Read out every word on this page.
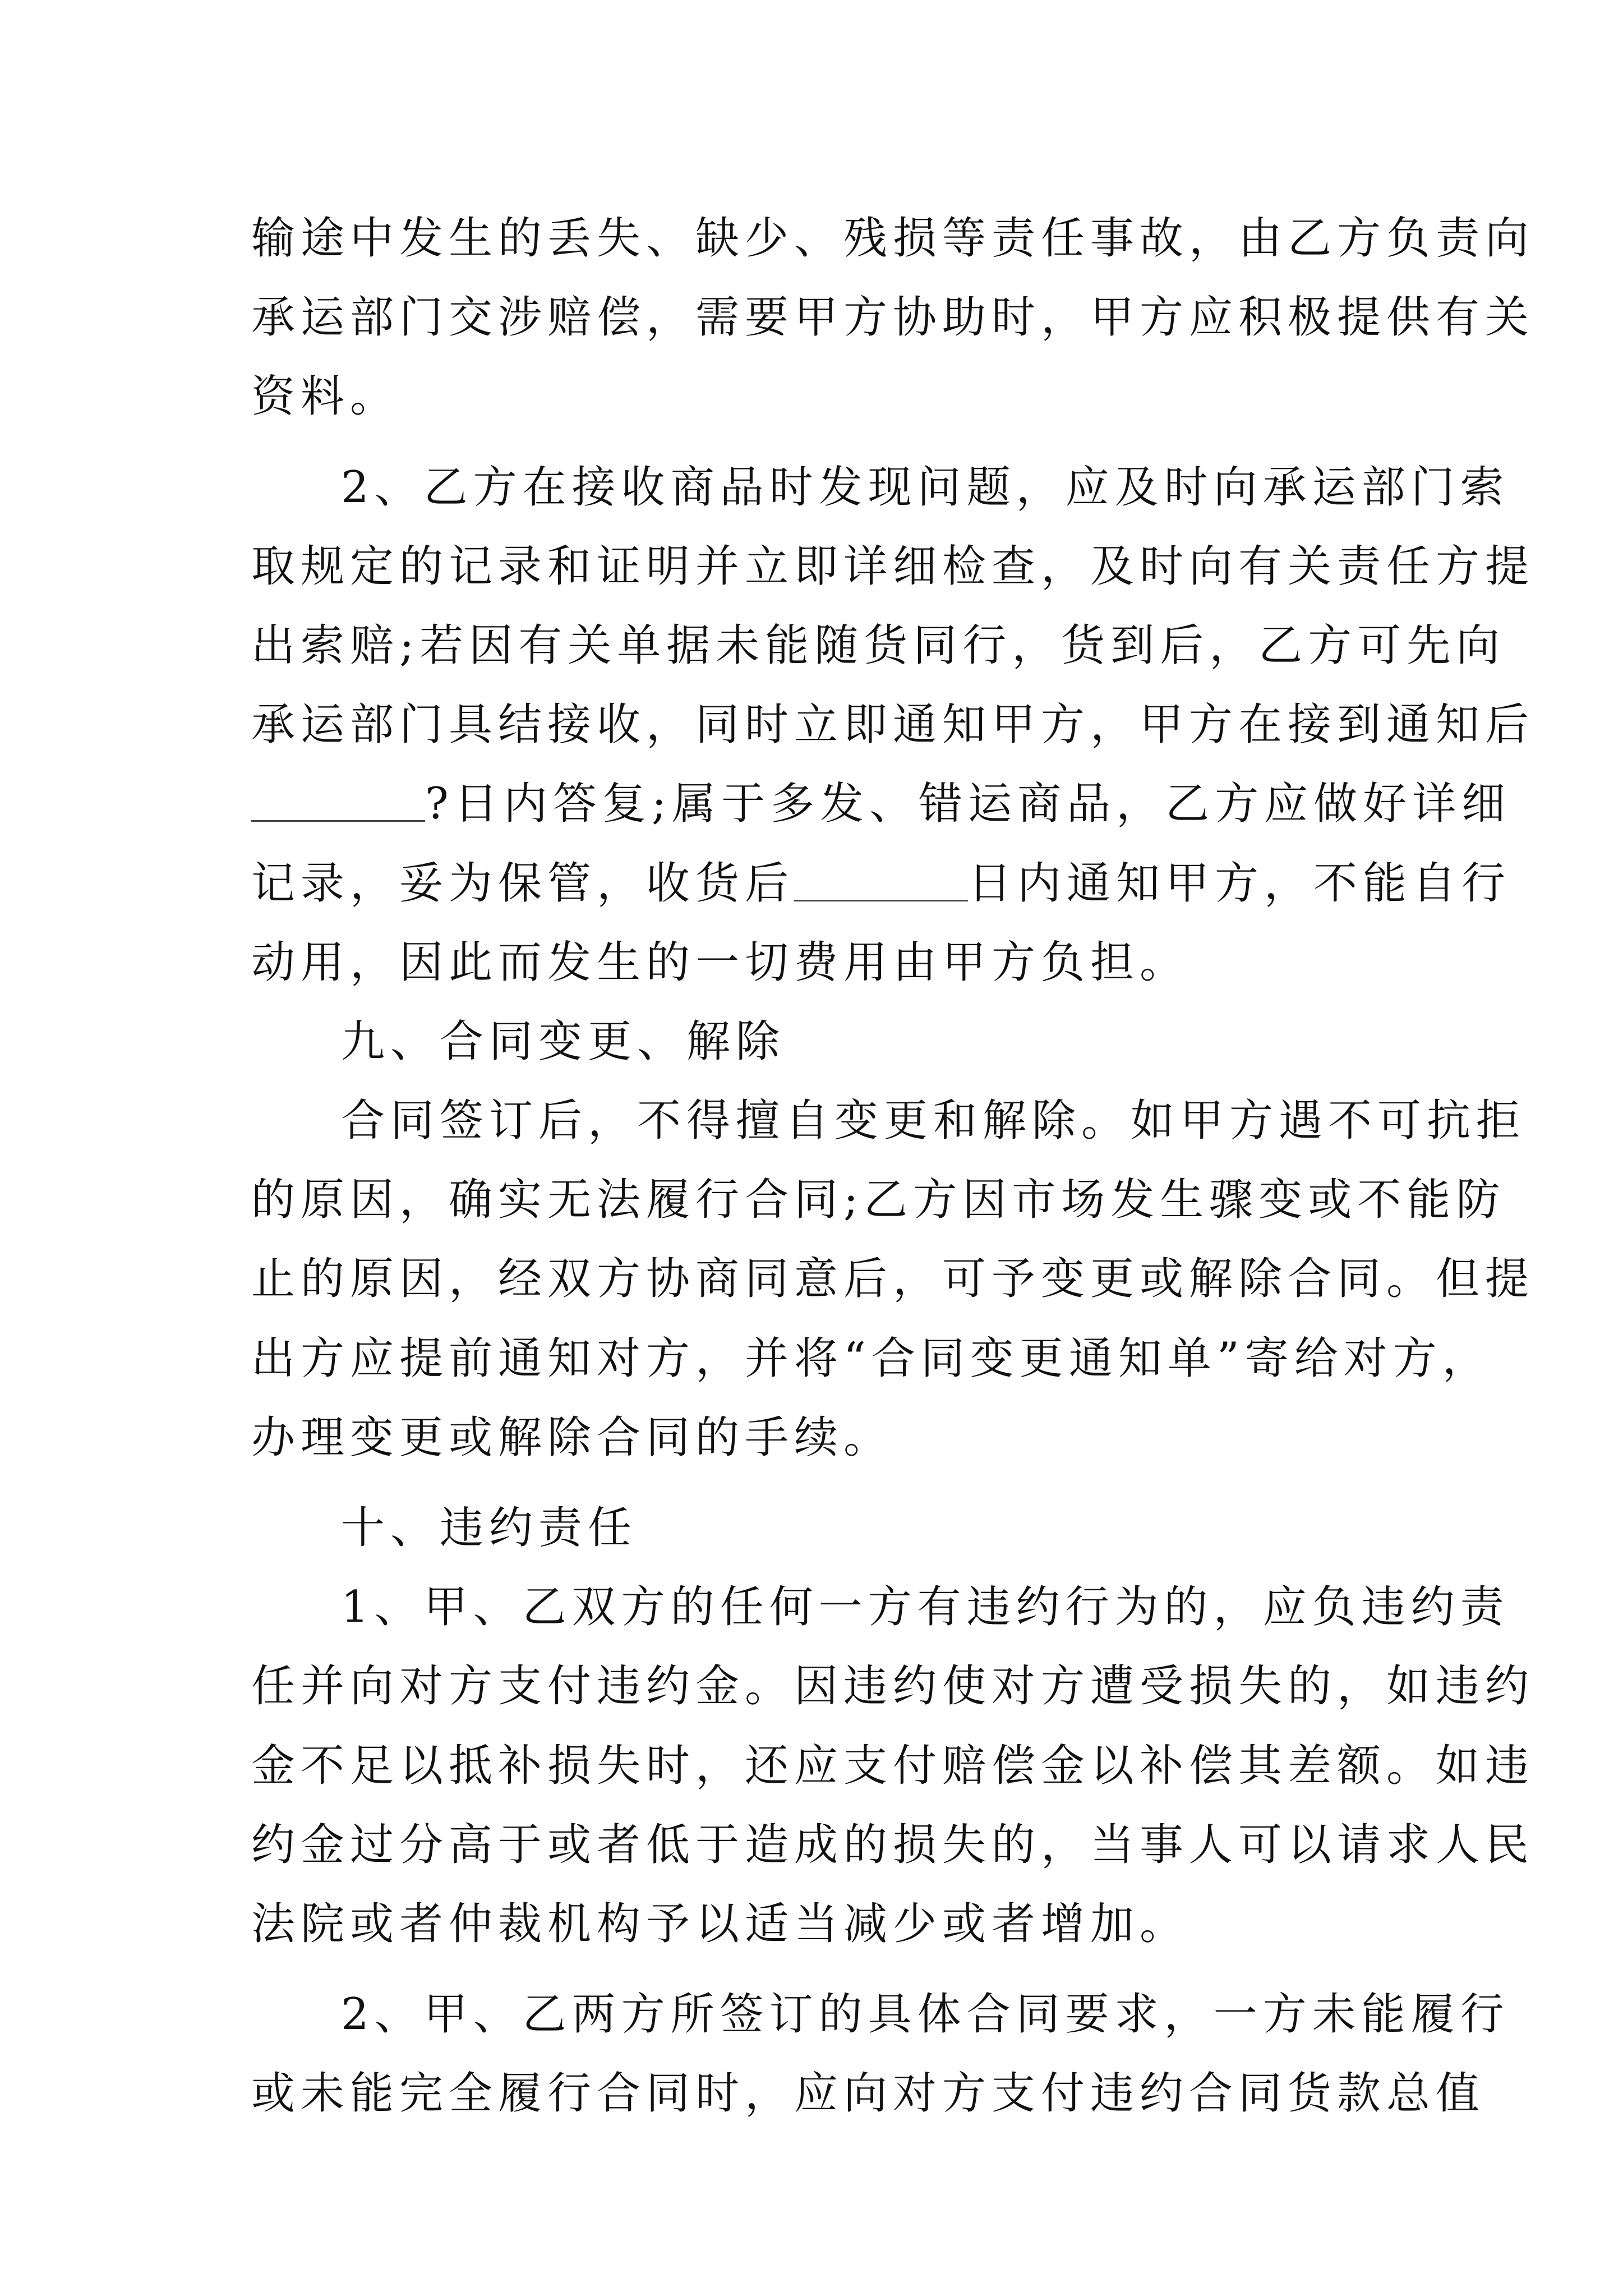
输途中发生的丢失、缺少、残损等责任事故，由乙方负责向
承运部门交涉赔偿，需要甲方协助时，甲方应积极提供有关
资料。
2、乙方在接收商品时发现问题，应及时向承运部门索
取规定的记录和证明并立即详细检查，及时向有关责任方提
出索赔;若因有关单据未能随货同行，货到后，乙方可先向
承运部门具结接收，同时立即通知甲方，甲方在接到通知后
?日内答复;属于多发、错运商品，乙方应做好详细
记录，妥为保管，收货后	日内通知甲方，不能自行
动用，因此而发生的一切费用由甲方负担。
九、合同变更、解除
合同签订后，不得擅自变更和解除。如甲方遇不可抗拒
的原因，确实无法履行合同;乙方因市场发生骤变或不能防
止的原因，经双方协商同意后，可予变更或解除合同。但提
出方应提前通知对方，并将“合同变更通知单”寄给对方，
办理变更或解除合同的手续。
十、违约责任
1、甲、乙双方的任何一方有违约行为的，应负违约责
任并向对方支付违约金。因违约使对方遭受损失的，如违约
金不足以抵补损失时，还应支付赔偿金以补偿其差额。如违
约金过分高于或者低于造成的损失的，当事人可以请求人民
法院或者仲裁机构予以适当减少或者增加。
2、甲、乙两方所签订的具体合同要求，一方未能履行
或未能完全履行合同时，应向对方支付违约合同货款总值
